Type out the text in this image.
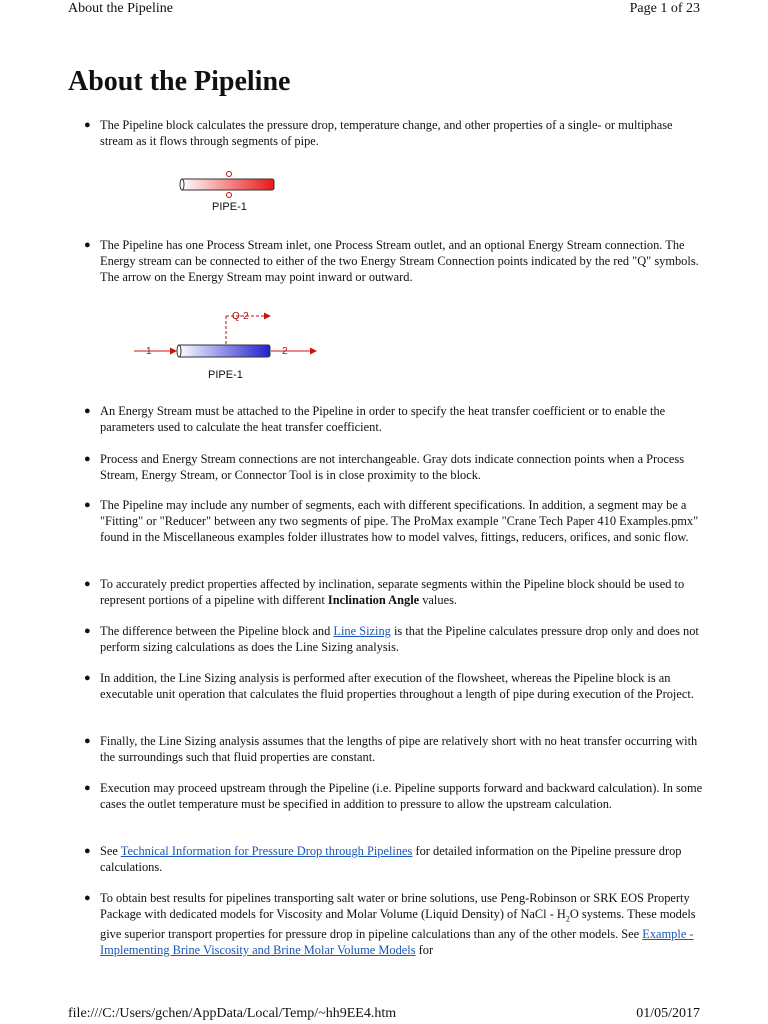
About the Pipeline	Page 1 of 23
About the Pipeline
● The Pipeline block calculates the pressure drop, temperature change, and other properties of a single- or multiphase stream as it flows through segments of pipe.
PIPE-1
● The Pipeline has one Process Stream inlet, one Process Stream outlet, and an optional Energy Stream connection. The Energy stream can be connected to either of the two Energy Stream Connection points indicated by the red "Q" symbols. The arrow on the Energy Stream may point inward or outward.
Q-2
1	2
PIPE-1
● An Energy Stream must be attached to the Pipeline in order to specify the heat transfer coefficient or to enable the parameters used to calculate the heat transfer coefficient.
● Process and Energy Stream connections are not interchangeable. Gray dots indicate connection points when a Process Stream, Energy Stream, or Connector Tool is in close proximity to the block.
● The Pipeline may include any number of segments, each with different specifications. In addition, a segment may be a "Fitting" or "Reducer" between any two segments of pipe. The ProMax example "Crane Tech Paper 410 Examples.pmx" found in the Miscellaneous examples folder illustrates how to model valves, fittings, reducers, orifices, and sonic flow.
● To accurately predict properties affected by inclination, separate segments within the Pipeline block should be used to represent portions of a pipeline with different Inclination Angle values.
● The difference between the Pipeline block and Line Sizing is that the Pipeline calculates pressure drop only and does not perform sizing calculations as does the Line Sizing analysis.
● In addition, the Line Sizing analysis is performed after execution of the flowsheet, whereas the Pipeline block is an executable unit operation that calculates the fluid properties throughout a length of pipe during execution of the Project.
● Finally, the Line Sizing analysis assumes that the lengths of pipe are relatively short with no heat transfer occurring with the surroundings such that fluid properties are constant.
● Execution may proceed upstream through the Pipeline (i.e. Pipeline supports forward and backward calculation). In some cases the outlet temperature must be specified in addition to pressure to allow the upstream calculation.
● See Technical Information for Pressure Drop through Pipelines for detailed information on the Pipeline pressure drop calculations.
● To obtain best results for pipelines transporting salt water or brine solutions, use Peng-Robinson or SRK EOS Property Package with dedicated models for Viscosity and Molar Volume (Liquid Density) of NaCl - $H_2O$ systems. These models give superior transport properties for pressure drop in pipeline calculations than any of the other models. See Example - Implementing Brine Viscosity and Brine Molar Volume Models for
file:///C:/Users/gchen/AppData/Local/Temp/~hh9EE4.htm	01/05/2017
